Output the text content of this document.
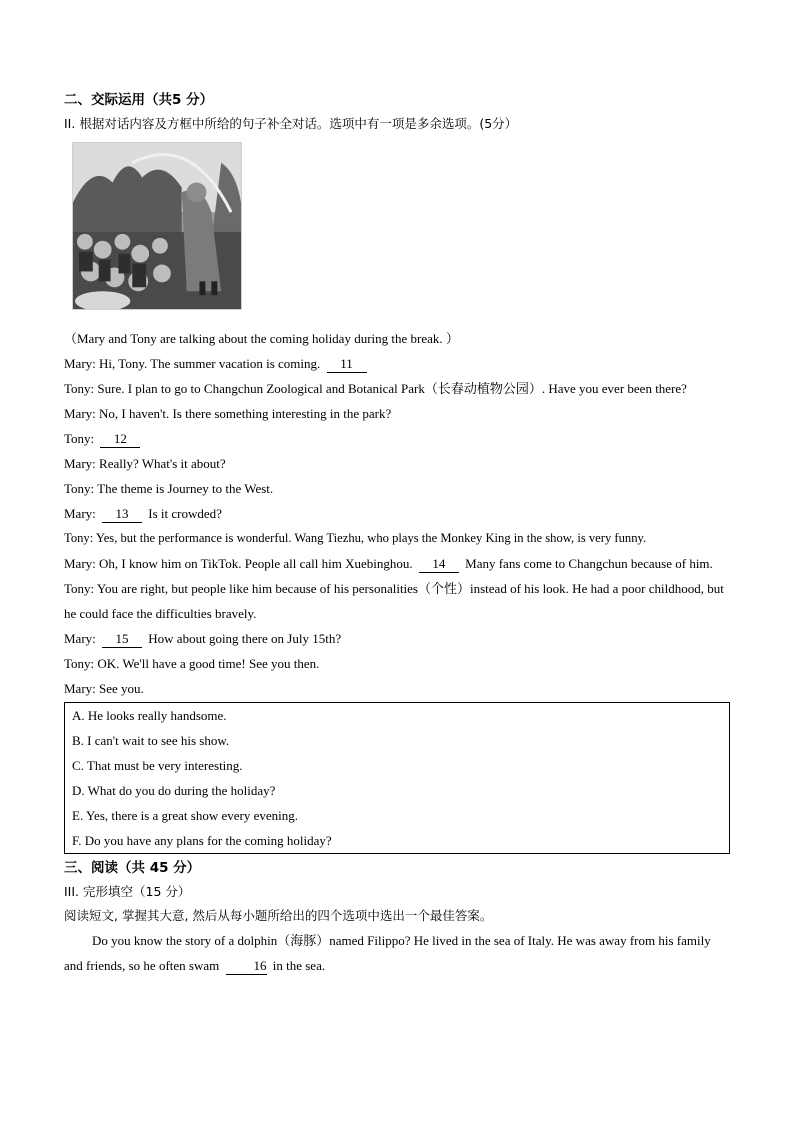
二、交际运用（共5 分）
II. 根据对话内容及方框中所给的句子补全对话。选项中有一项是多余选项。(5分）
（Mary and Tony are talking about the coming holiday during the break. ）
Mary: Hi, Tony. The summer vacation is coming. 11
Tony: Sure. I plan to go to Changchun Zoological and Botanical Park（长春动植物公园）. Have you ever been there?
Mary: No, I haven't. Is there something interesting in the park?
Tony: 12
Mary: Really? What's it about?
Tony: The theme is Journey to the West.
Mary: 13 Is it crowded?
Tony: Yes, but the performance is wonderful. Wang Tiezhu, who plays the Monkey King in the show, is very funny.
Mary: Oh, I know him on TikTok. People all call him Xuebinghou. 14 Many fans come to Changchun because of him.
Tony: You are right, but people like him because of his personalities（个性）instead of his look. He had a poor childhood, but he could face the difficulties bravely.
Mary: 15 How about going there on July 15th?
Tony: OK. We'll have a good time! See you then.
Mary: See you.
A. He looks really handsome.
B. I can't wait to see his show.
C. That must be very interesting.
D. What do you do during the holiday?
E. Yes, there is a great show every evening.
F. Do you have any plans for the coming holiday?
三、阅读（共 45 分）
III. 完形填空（15 分）
阅读短文, 掌握其大意, 然后从每小题所给出的四个选项中选出一个最佳答案。
Do you know the story of a dolphin（海豚）named Filippo? He lived in the sea of Italy. He was away from his family and friends, so he often swam	16 in the sea.
